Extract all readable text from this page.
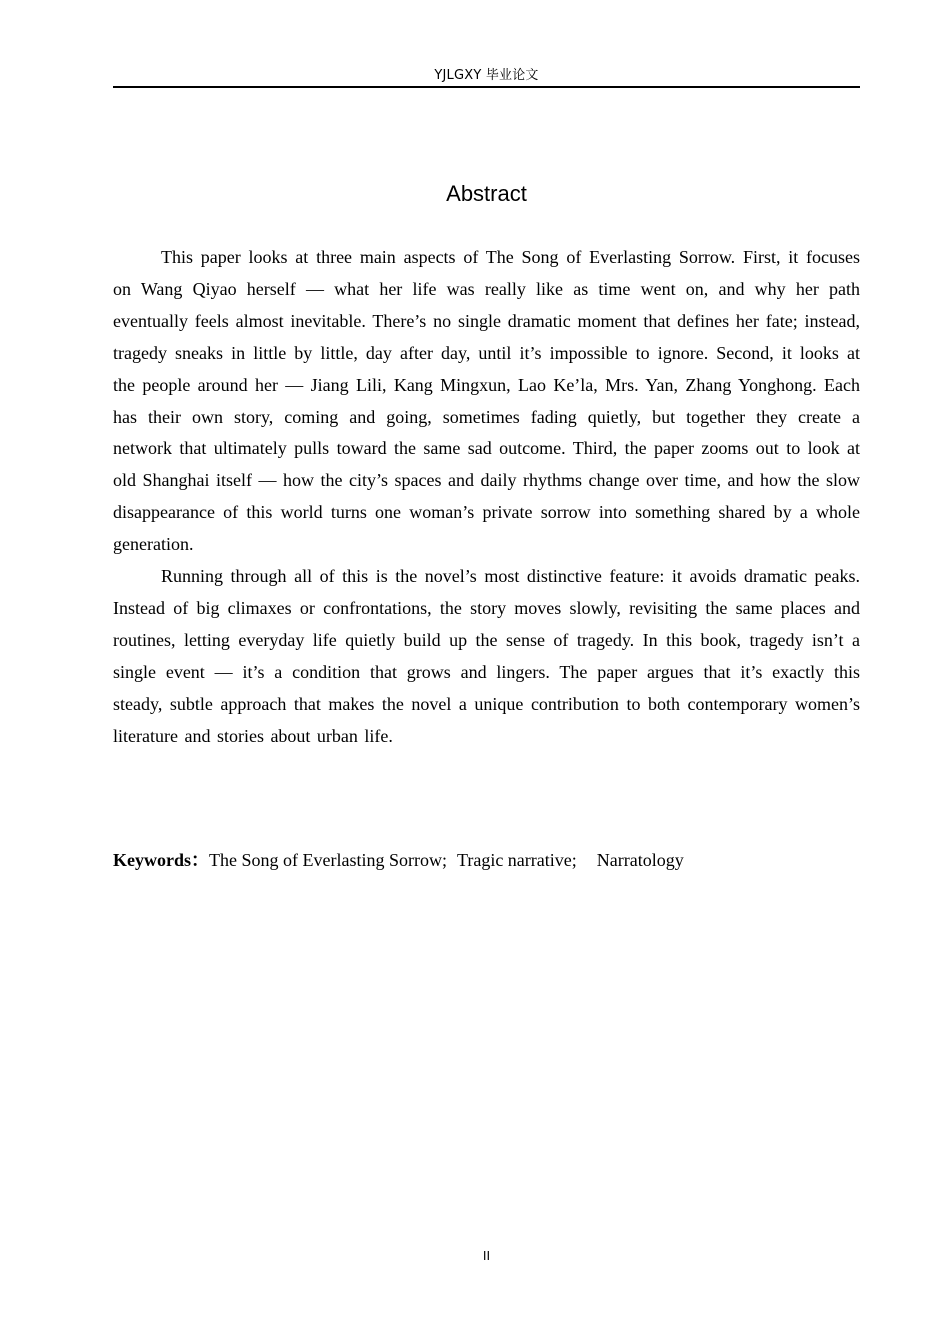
YJLGXY 毕业论文
Abstract

This paper looks at three main aspects of The Song of Everlasting Sorrow. First, it focuses on Wang Qiyao herself — what her life was really like as time went on, and why her path eventually feels almost inevitable. There’s no single dramatic moment that defines her fate; instead, tragedy sneaks in little by little, day after day, until it’s impossible to ignore. Second, it looks at the people around her — Jiang Lili, Kang Mingxun, Lao Ke’la, Mrs. Yan, Zhang Yonghong. Each has their own story, coming and going, sometimes fading quietly, but together they create a network that ultimately pulls toward the same sad outcome. Third, the paper zooms out to look at old Shanghai itself — how the city’s spaces and daily rhythms change over time, and how the slow disappearance of this world turns one woman’s private sorrow into something shared by a whole generation.

Running through all of this is the novel’s most distinctive feature: it avoids dramatic peaks. Instead of big climaxes or confrontations, the story moves slowly, revisiting the same places and routines, letting everyday life quietly build up the sense of tragedy. In this book, tragedy isn’t a single event — it’s a condition that grows and lingers. The paper argues that it’s exactly this steady, subtle approach that makes the novel a unique contribution to both contemporary women’s literature and stories about urban life.

Keywords：The Song of Everlasting Sorrow; Tragic narrative; Narratology
II
